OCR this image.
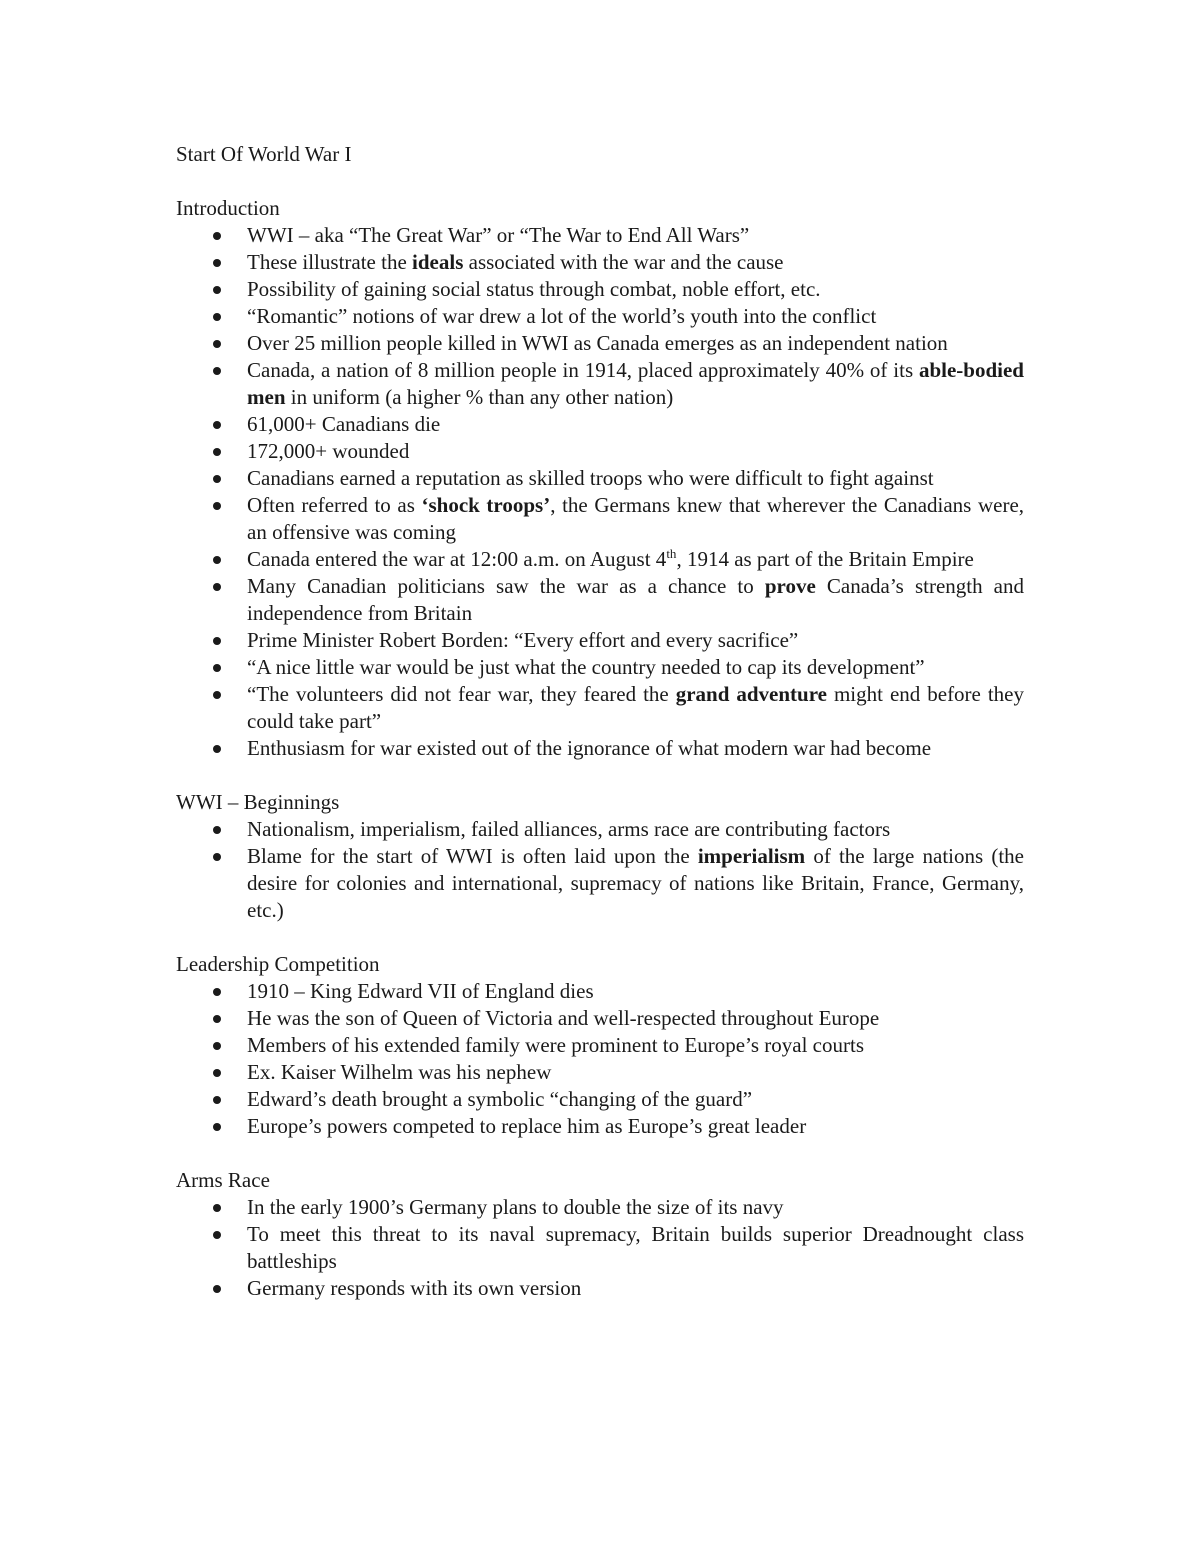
Start Of World War I
Introduction
WWI – aka “The Great War” or “The War to End All Wars”
These illustrate the ideals associated with the war and the cause
Possibility of gaining social status through combat, noble effort, etc.
“Romantic” notions of war drew a lot of the world’s youth into the conflict
Over 25 million people killed in WWI as Canada emerges as an independent nation
Canada, a nation of 8 million people in 1914, placed approximately 40% of its able-bodied men in uniform (a higher % than any other nation)
61,000+ Canadians die
172,000+ wounded
Canadians earned a reputation as skilled troops who were difficult to fight against
Often referred to as ‘shock troops’, the Germans knew that wherever the Canadians were, an offensive was coming
Canada entered the war at 12:00 a.m. on August 4th, 1914 as part of the Britain Empire
Many Canadian politicians saw the war as a chance to prove Canada’s strength and independence from Britain
Prime Minister Robert Borden: “Every effort and every sacrifice”
“A nice little war would be just what the country needed to cap its development”
“The volunteers did not fear war, they feared the grand adventure might end before they could take part”
Enthusiasm for war existed out of the ignorance of what modern war had become
WWI – Beginnings
Nationalism, imperialism, failed alliances, arms race are contributing factors
Blame for the start of WWI is often laid upon the imperialism of the large nations (the desire for colonies and international, supremacy of nations like Britain, France, Germany, etc.)
Leadership Competition
1910 – King Edward VII of England dies
He was the son of Queen of Victoria and well-respected throughout Europe
Members of his extended family were prominent to Europe’s royal courts
Ex. Kaiser Wilhelm was his nephew
Edward’s death brought a symbolic “changing of the guard”
Europe’s powers competed to replace him as Europe’s great leader
Arms Race
In the early 1900’s Germany plans to double the size of its navy
To meet this threat to its naval supremacy, Britain builds superior Dreadnought class battleships
Germany responds with its own version
